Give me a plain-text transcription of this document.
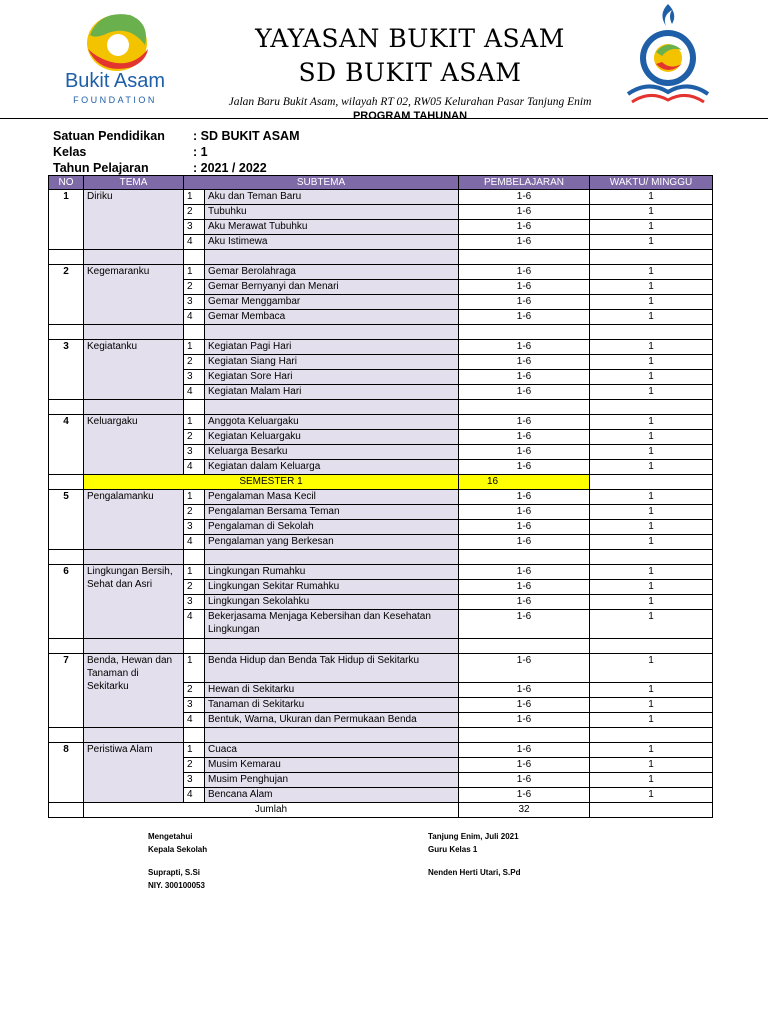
Bukit Asam
FOUNDATION
YAYASAN BUKIT ASAM
SD BUKIT ASAM
Jalan Baru Bukit Asam, wilayah RT 02, RW05 Kelurahan Pasar Tanjung Enim
PROGRAM TAHUNAN
Satuan Pendidikan : SD BUKIT ASAM
Kelas	: 1
Tahun Pelajaran	: 2021 / 2022
NO	TEMA	SUBTEMA		PEMBELAJARAN	WAKTU/ MINGGU
1	Diriku	1	Aku dan Teman Baru	1-6	1
		2	Tubuhku	1-6	1
		3	Aku Merawat Tubuhku	1-6	1
		4	Aku Istimewa	1-6	1

2	Kegemaranku	1	Gemar Berolahraga	1-6	1
		2	Gemar Bernyanyi dan Menari	1-6	1
		3	Gemar Menggambar	1-6	1
		4	Gemar Membaca	1-6	1

3	Kegiatanku	1	Kegiatan Pagi Hari	1-6	1
		2	Kegiatan Siang Hari	1-6	1
		3	Kegiatan Sore Hari	1-6	1
		4	Kegiatan Malam Hari	1-6	1

4	Keluargaku	1	Anggota Keluargaku	1-6	1
		2	Kegiatan Keluargaku	1-6	1
		3	Keluarga Besarku	1-6	1
		4	Kegiatan dalam Keluarga	1-6	1
	SEMESTER 1			16	
5	Pengalamanku	1	Pengalaman Masa Kecil	1-6	1
		2	Pengalaman Bersama Teman	1-6	1
		3	Pengalaman di Sekolah	1-6	1
		4	Pengalaman yang Berkesan	1-6	1

6	Lingkungan Bersih, Sehat dan Asri	1	Lingkungan Rumahku	1-6	1
		2	Lingkungan Sekitar Rumahku	1-6	1
		3	Lingkungan Sekolahku	1-6	1
		4	Bekerjasama Menjaga Kebersihan dan Kesehatan Lingkungan	1-6	1

7	Benda, Hewan dan Tanaman di Sekitarku	1	Benda Hidup dan Benda Tak Hidup di Sekitarku	1-6	1
		2	Hewan di Sekitarku	1-6	1
		3	Tanaman di Sekitarku	1-6	1
		4	Bentuk, Warna, Ukuran dan Permukaan Benda	1-6	1

8	Peristiwa Alam	1	Cuaca	1-6	1
		2	Musim Kemarau	1-6	1
		3	Musim Penghujan	1-6	1
		4	Bencana Alam	1-6	1
	Jumlah			32	
Mengetahui
Kepala Sekolah
Suprapti, S.Si
NIY. 300100053
Tanjung Enim, Juli 2021
Guru Kelas 1
Nenden Herti Utari, S.Pd
